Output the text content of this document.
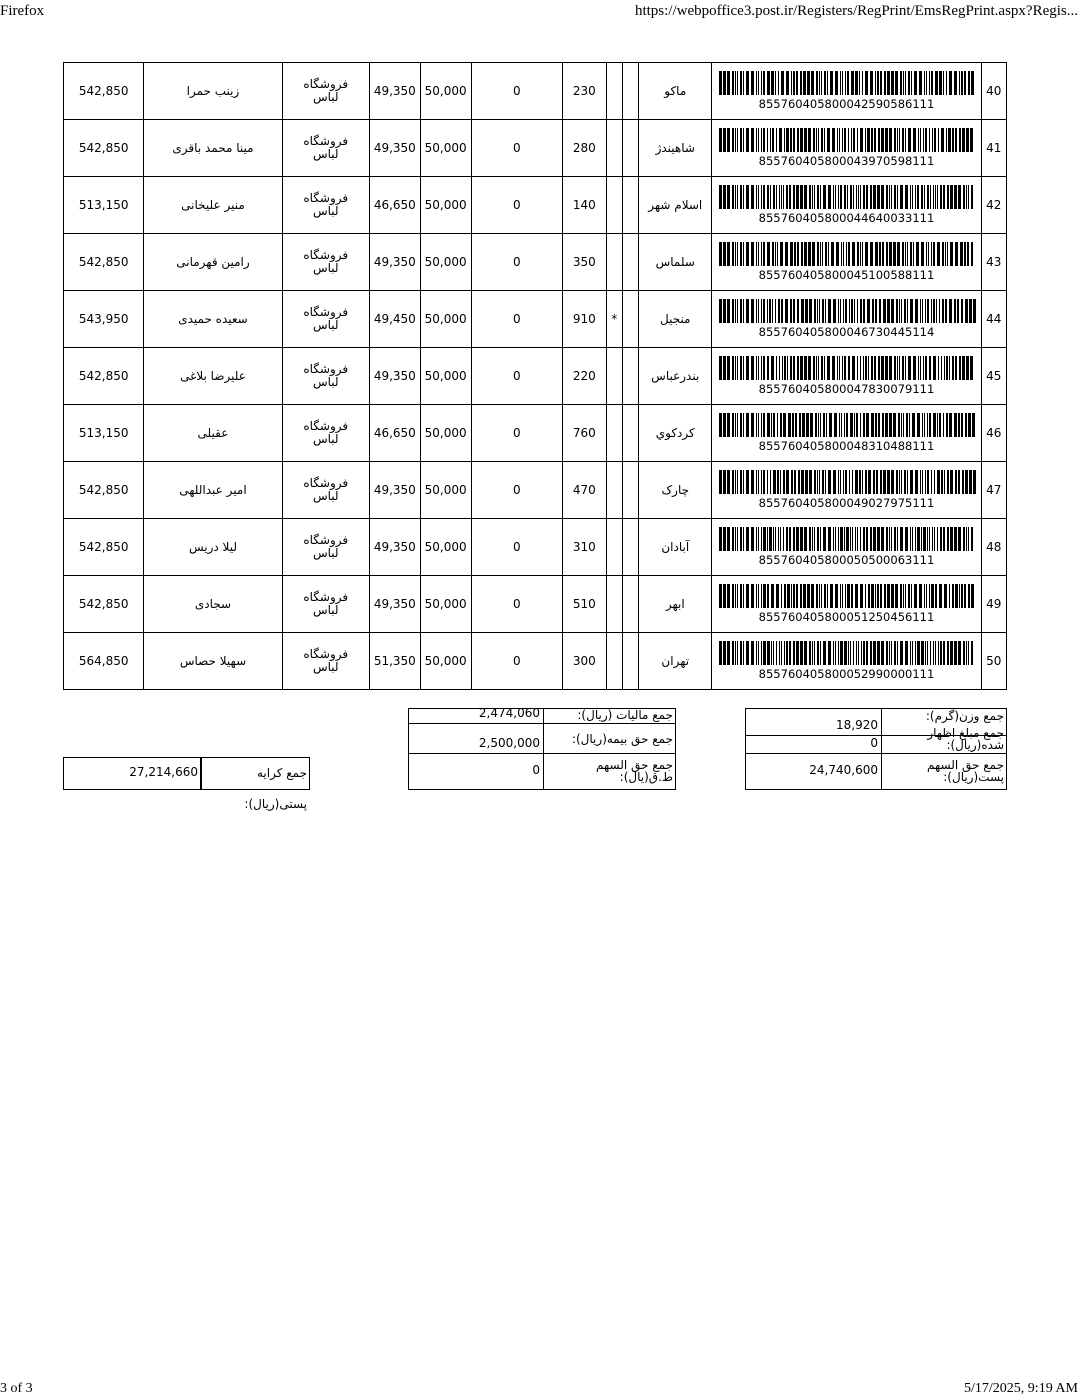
Firefox	https://webpoffice3.post.ir/Registers/RegPrint/EmsRegPrint.aspx?Regis...
40	855760405800042590586111	ماکو			230	0	50,000	49,350	فروشگاه لباس	زینب حمرا	542,850
41	855760405800043970598111	شاهیندژ			280	0	50,000	49,350	فروشگاه لباس	مینا محمد باقری	542,850
42	855760405800044640033111	اسلام شهر			140	0	50,000	46,650	فروشگاه لباس	منیر علیخانی	513,150
43	855760405800045100588111	سلماس			350	0	50,000	49,350	فروشگاه لباس	رامین قهرمانی	542,850
44	855760405800046730445114	منجیل		*	910	0	50,000	49,450	فروشگاه لباس	سعیده حمیدی	543,950
45	855760405800047830079111	بندرعباس			220	0	50,000	49,350	فروشگاه لباس	علیرضا بلاغی	542,850
46	855760405800048310488111	كردكوي			760	0	50,000	46,650	فروشگاه لباس	عقیلی	513,150
47	855760405800049027975111	چارک			470	0	50,000	49,350	فروشگاه لباس	امیر عبداللهی	542,850
48	855760405800050500063111	آبادان			310	0	50,000	49,350	فروشگاه لباس	لیلا دریس	542,850
49	855760405800051250456111	ابهر			510	0	50,000	49,350	فروشگاه لباس	سجادی	542,850
50	855760405800052990000111	تهران			300	0	50,000	51,350	فروشگاه لباس	سهیلا حصاس	564,850
18,920
جمع وزن(گرم):
0
جمع مبلغ اظهار شده(ریال):
24,740,600	جمع حق السهم پست(ریال):
2,474,060	جمع مالیات (ریال):
2,500,000	جمع حق بیمه(ریال):
0	جمع حق السهم ط.ق(یال):
27,214,660	جمع کرایه پستی(ریال):
3 of 3	5/17/2025, 9:19 AM
